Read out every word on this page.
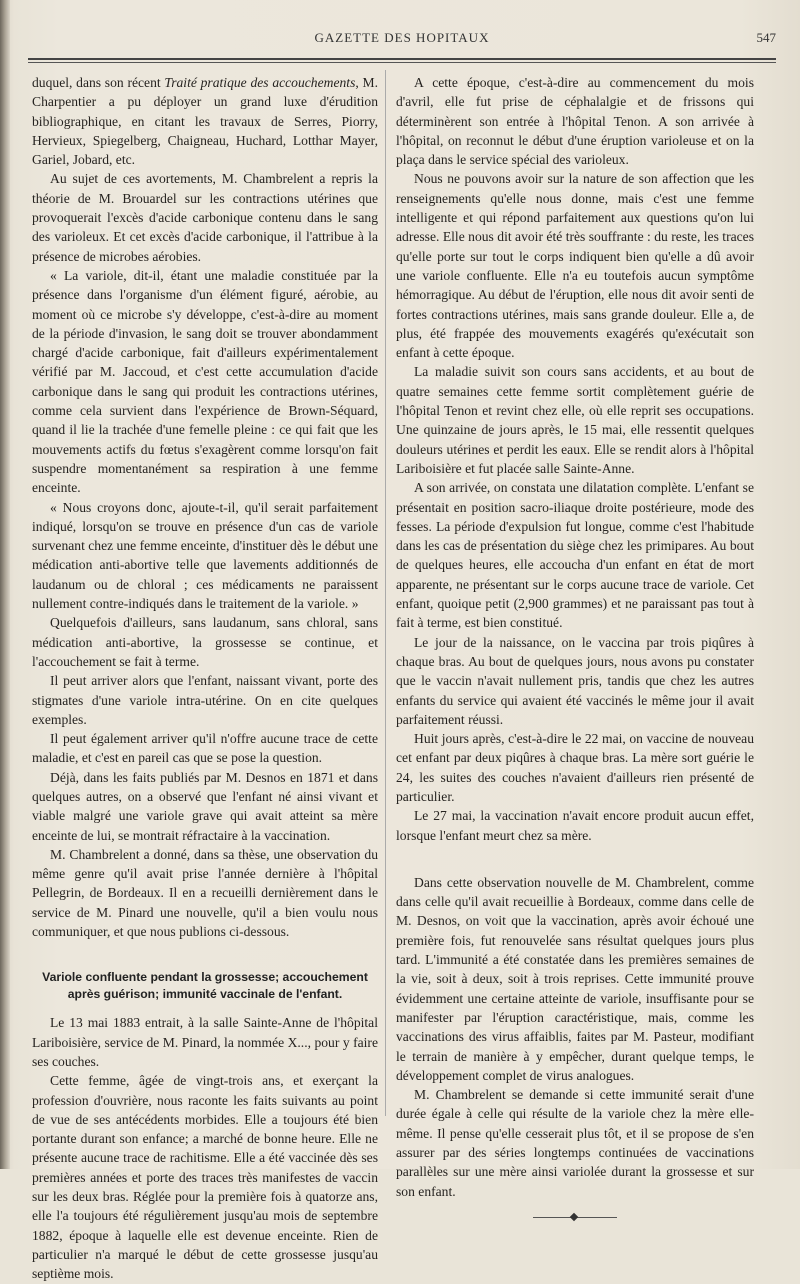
GAZETTE DES HOPITAUX	547

duquel, dans son récent Traité pratique des accouchements, M. Charpentier a pu déployer un grand luxe d'érudition bibliographique, en citant les travaux de Serres, Piorry, Hervieux, Spiegelberg, Chaigneau, Huchard, Lotthar Mayer, Gariel, Jobard, etc.

Au sujet de ces avortements, M. Chambrelent a repris la théorie de M. Brouardel sur les contractions utérines que provoquerait l'excès d'acide carbonique contenu dans le sang des varioleux. Et cet excès d'acide carbonique, il l'attribue à la présence de microbes aérobies.

« La variole, dit-il, étant une maladie constituée par la présence dans l'organisme d'un élément figuré, aérobie, au moment où ce microbe s'y développe, c'est-à-dire au moment de la période d'invasion, le sang doit se trouver abondamment chargé d'acide carbonique, fait d'ailleurs expérimentalement vérifié par M. Jaccoud, et c'est cette accumulation d'acide carbonique dans le sang qui produit les contractions utérines, comme cela survient dans l'expérience de Brown-Séquard, quand il lie la trachée d'une femelle pleine : ce qui fait que les mouvements actifs du fœtus s'exagèrent comme lorsqu'on fait suspendre momentanément sa respiration à une femme enceinte.

« Nous croyons donc, ajoute-t-il, qu'il serait parfaitement indiqué, lorsqu'on se trouve en présence d'un cas de variole survenant chez une femme enceinte, d'instituer dès le début une médication anti-abortive telle que lavements additionnés de laudanum ou de chloral ; ces médicaments ne paraissent nullement contre-indiqués dans le traitement de la variole. »

Quelquefois d'ailleurs, sans laudanum, sans chloral, sans médication anti-abortive, la grossesse se continue, et l'accouchement se fait à terme.

Il peut arriver alors que l'enfant, naissant vivant, porte des stigmates d'une variole intra-utérine. On en cite quelques exemples.

Il peut également arriver qu'il n'offre aucune trace de cette maladie, et c'est en pareil cas que se pose la question.

Déjà, dans les faits publiés par M. Desnos en 1871 et dans quelques autres, on a observé que l'enfant né ainsi vivant et viable malgré une variole grave qui avait atteint sa mère enceinte de lui, se montrait réfractaire à la vaccination.

M. Chambrelent a donné, dans sa thèse, une observation du même genre qu'il avait prise l'année dernière à l'hôpital Pellegrin, de Bordeaux. Il en a recueilli dernièrement dans le service de M. Pinard une nouvelle, qu'il a bien voulu nous communiquer, et que nous publions ci-dessous.

Variole confluente pendant la grossesse; accouchement après guérison; immunité vaccinale de l'enfant.

Le 13 mai 1883 entrait, à la salle Sainte-Anne de l'hôpital Lariboisière, service de M. Pinard, la nommée X..., pour y faire ses couches.

Cette femme, âgée de vingt-trois ans, et exerçant la profession d'ouvrière, nous raconte les faits suivants au point de vue de ses antécédents morbides. Elle a toujours été bien portante durant son enfance; a marché de bonne heure. Elle ne présente aucune trace de rachitisme. Elle a été vaccinée dès ses premières années et porte des traces très manifestes de vaccin sur les deux bras. Réglée pour la première fois à quatorze ans, elle l'a toujours été régulièrement jusqu'au mois de septembre 1882, époque à laquelle elle est devenue enceinte. Rien de particulier n'a marqué le début de cette grossesse jusqu'au septième mois.

A cette époque, c'est-à-dire au commencement du mois d'avril, elle fut prise de céphalalgie et de frissons qui déterminèrent son entrée à l'hôpital Tenon. A son arrivée à l'hôpital, on reconnut le début d'une éruption varioleuse et on la plaça dans le service spécial des varioleux.

Nous ne pouvons avoir sur la nature de son affection que les renseignements qu'elle nous donne, mais c'est une femme intelligente et qui répond parfaitement aux questions qu'on lui adresse. Elle nous dit avoir été très souffrante : du reste, les traces qu'elle porte sur tout le corps indiquent bien qu'elle a dû avoir une variole confluente. Elle n'a eu toutefois aucun symptôme hémorragique. Au début de l'éruption, elle nous dit avoir senti de fortes contractions utérines, mais sans grande douleur. Elle a, de plus, été frappée des mouvements exagérés qu'exécutait son enfant à cette époque.

La maladie suivit son cours sans accidents, et au bout de quatre semaines cette femme sortit complètement guérie de l'hôpital Tenon et revint chez elle, où elle reprit ses occupations. Une quinzaine de jours après, le 15 mai, elle ressentit quelques douleurs utérines et perdit les eaux. Elle se rendit alors à l'hôpital Lariboisière et fut placée salle Sainte-Anne.

A son arrivée, on constata une dilatation complète. L'enfant se présentait en position sacro-iliaque droite postérieure, mode des fesses. La période d'expulsion fut longue, comme c'est l'habitude dans les cas de présentation du siège chez les primipares. Au bout de quelques heures, elle accoucha d'un enfant en état de mort apparente, ne présentant sur le corps aucune trace de variole. Cet enfant, quoique petit (2,900 grammes) et ne paraissant pas tout à fait à terme, est bien constitué.

Le jour de la naissance, on le vaccina par trois piqûres à chaque bras. Au bout de quelques jours, nous avons pu constater que le vaccin n'avait nullement pris, tandis que chez les autres enfants du service qui avaient été vaccinés le même jour il avait parfaitement réussi.

Huit jours après, c'est-à-dire le 22 mai, on vaccine de nouveau cet enfant par deux piqûres à chaque bras. La mère sort guérie le 24, les suites des couches n'avaient d'ailleurs rien présenté de particulier.

Le 27 mai, la vaccination n'avait encore produit aucun effet, lorsque l'enfant meurt chez sa mère.

Dans cette observation nouvelle de M. Chambrelent, comme dans celle qu'il avait recueillie à Bordeaux, comme dans celle de M. Desnos, on voit que la vaccination, après avoir échoué une première fois, fut renouvelée sans résultat quelques jours plus tard. L'immunité a été constatée dans les premières semaines de la vie, soit à deux, soit à trois reprises. Cette immunité prouve évidemment une certaine atteinte de variole, insuffisante pour se manifester par l'éruption caractéristique, mais, comme les vaccinations des virus affaiblis, faites par M. Pasteur, modifiant le terrain de manière à y empêcher, durant quelque temps, le développement complet de virus analogues.

M. Chambrelent se demande si cette immunité serait d'une durée égale à celle qui résulte de la variole chez la mère elle-même. Il pense qu'elle cesserait plus tôt, et il se propose de s'en assurer par des séries longtemps continuées de vaccinations parallèles sur une mère ainsi variolée durant la grossesse et sur son enfant.
